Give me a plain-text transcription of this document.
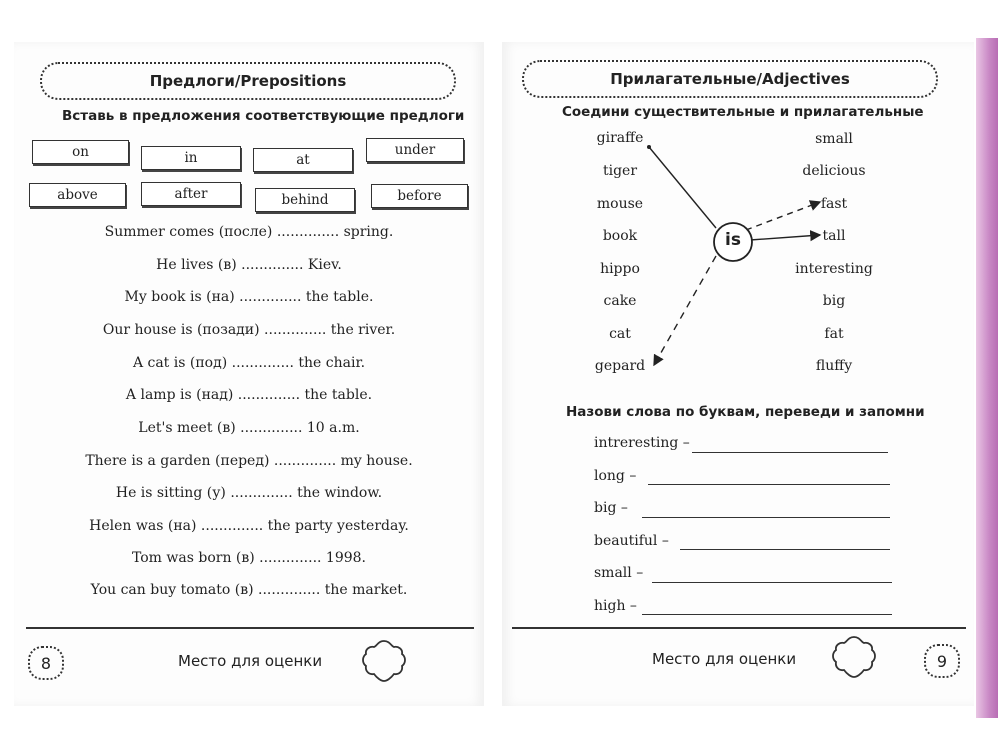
Предлоги/Prepositions
Вставь в предложения соответствующие предлоги
on	in	at
under
above	after	behind	before
Summer comes (после) .............. spring.
He lives (в) .............. Kiev.
My book is (на) .............. the table.
Our house is (позади) .............. the river.
A cat is (под) .............. the chair.
A lamp is (над) .............. the table.
Let's meet (в) .............. 10 a.m.
There is a garden (перед) .............. my house.
He is sitting (у) .............. the window.
Helen was (на) .............. the party yesterday.
Tom was born (в) .............. 1998.
You can buy tomato (в) .............. the market.
8	Место для оценки
Прилагательные/Adjectives
Соедини существительные и прилагательные
giraffe
tiger
mouse
book
hippo
cake
cat
gepard
small
delicious
fast
tall
interesting
big
fat
fluffy
is
Назови слова по буквам, переведи и запомни
intreresting –
long –
big –
beautiful –
small –
high –
Место для оценки	9
